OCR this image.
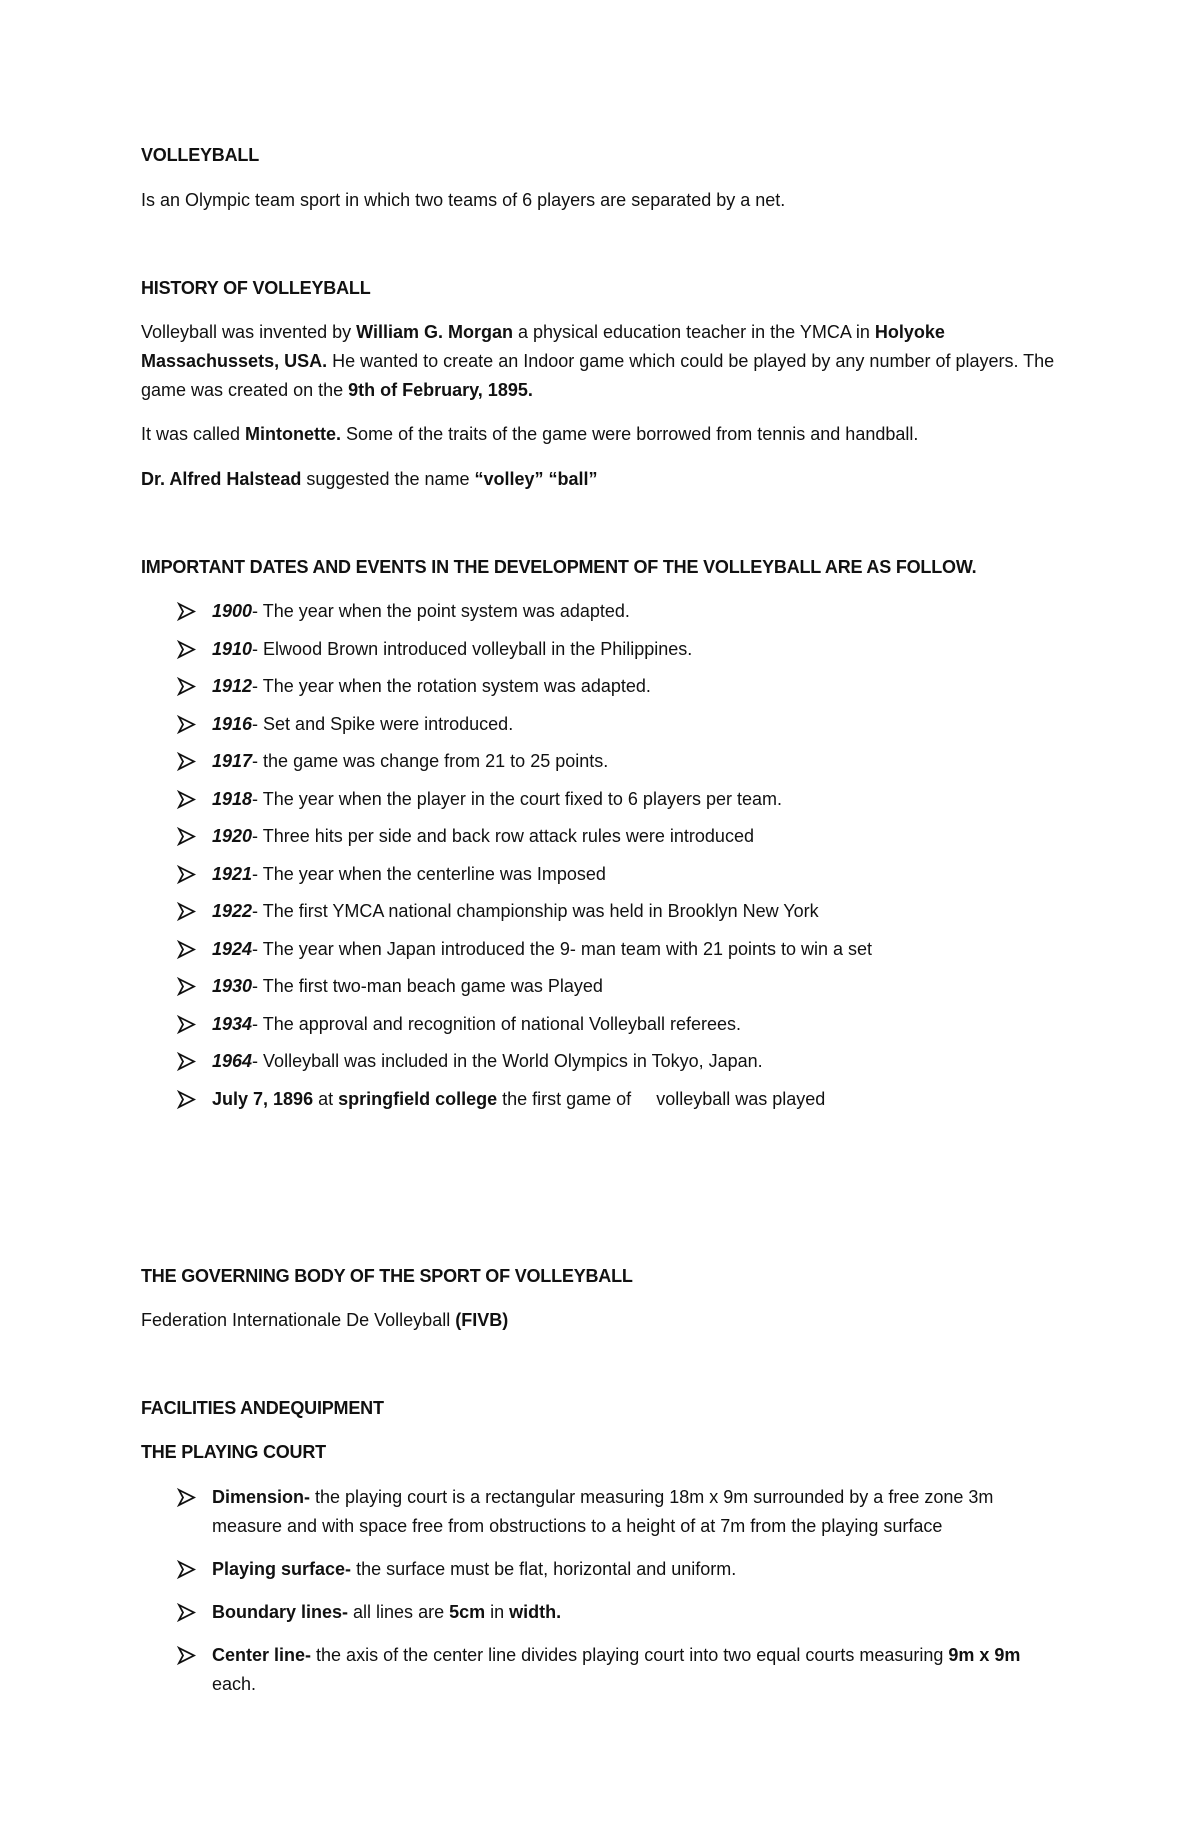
VOLLEYBALL
Is an Olympic team sport in which two teams of 6 players are separated by a net.
HISTORY OF VOLLEYBALL
Volleyball was invented by William G. Morgan a physical education teacher in the YMCA in Holyoke Massachussets, USA. He wanted to create an Indoor game which could be played by any number of players. The game was created on the 9th of February, 1895.
It was called Mintonette. Some of the traits of the game were borrowed from tennis and handball.
Dr. Alfred Halstead suggested the name “volley” “ball”
IMPORTANT DATES AND EVENTS IN THE DEVELOPMENT OF THE VOLLEYBALL ARE AS FOLLOW.
1900- The year when the point system was adapted.
1910- Elwood Brown introduced volleyball in the Philippines.
1912- The year when the rotation system was adapted.
1916- Set and Spike were introduced.
1917- the game was change from 21 to 25 points.
1918- The year when the player in the court fixed to 6 players per team.
1920- Three hits per side and back row attack rules were introduced
1921- The year when the centerline was Imposed
1922- The first YMCA national championship was held in Brooklyn New York
1924- The year when Japan introduced the 9- man team with 21 points to win a set
1930- The first two-man beach game was Played
1934- The approval and recognition of national Volleyball referees.
1964- Volleyball was included in the World Olympics in Tokyo, Japan.
July 7, 1896 at springfield college the first game of     volleyball was played
THE GOVERNING BODY OF THE SPORT OF VOLLEYBALL
Federation Internationale De Volleyball (FIVB)
FACILITIES ANDEQUIPMENT
THE PLAYING COURT
Dimension- the playing court is a rectangular measuring 18m x 9m surrounded by a free zone 3m measure and with space free from obstructions to a height of at 7m from the playing surface
Playing surface- the surface must be flat, horizontal and uniform.
Boundary lines- all lines are 5cm in width.
Center line- the axis of the center line divides playing court into two equal courts measuring 9m x 9m each.
